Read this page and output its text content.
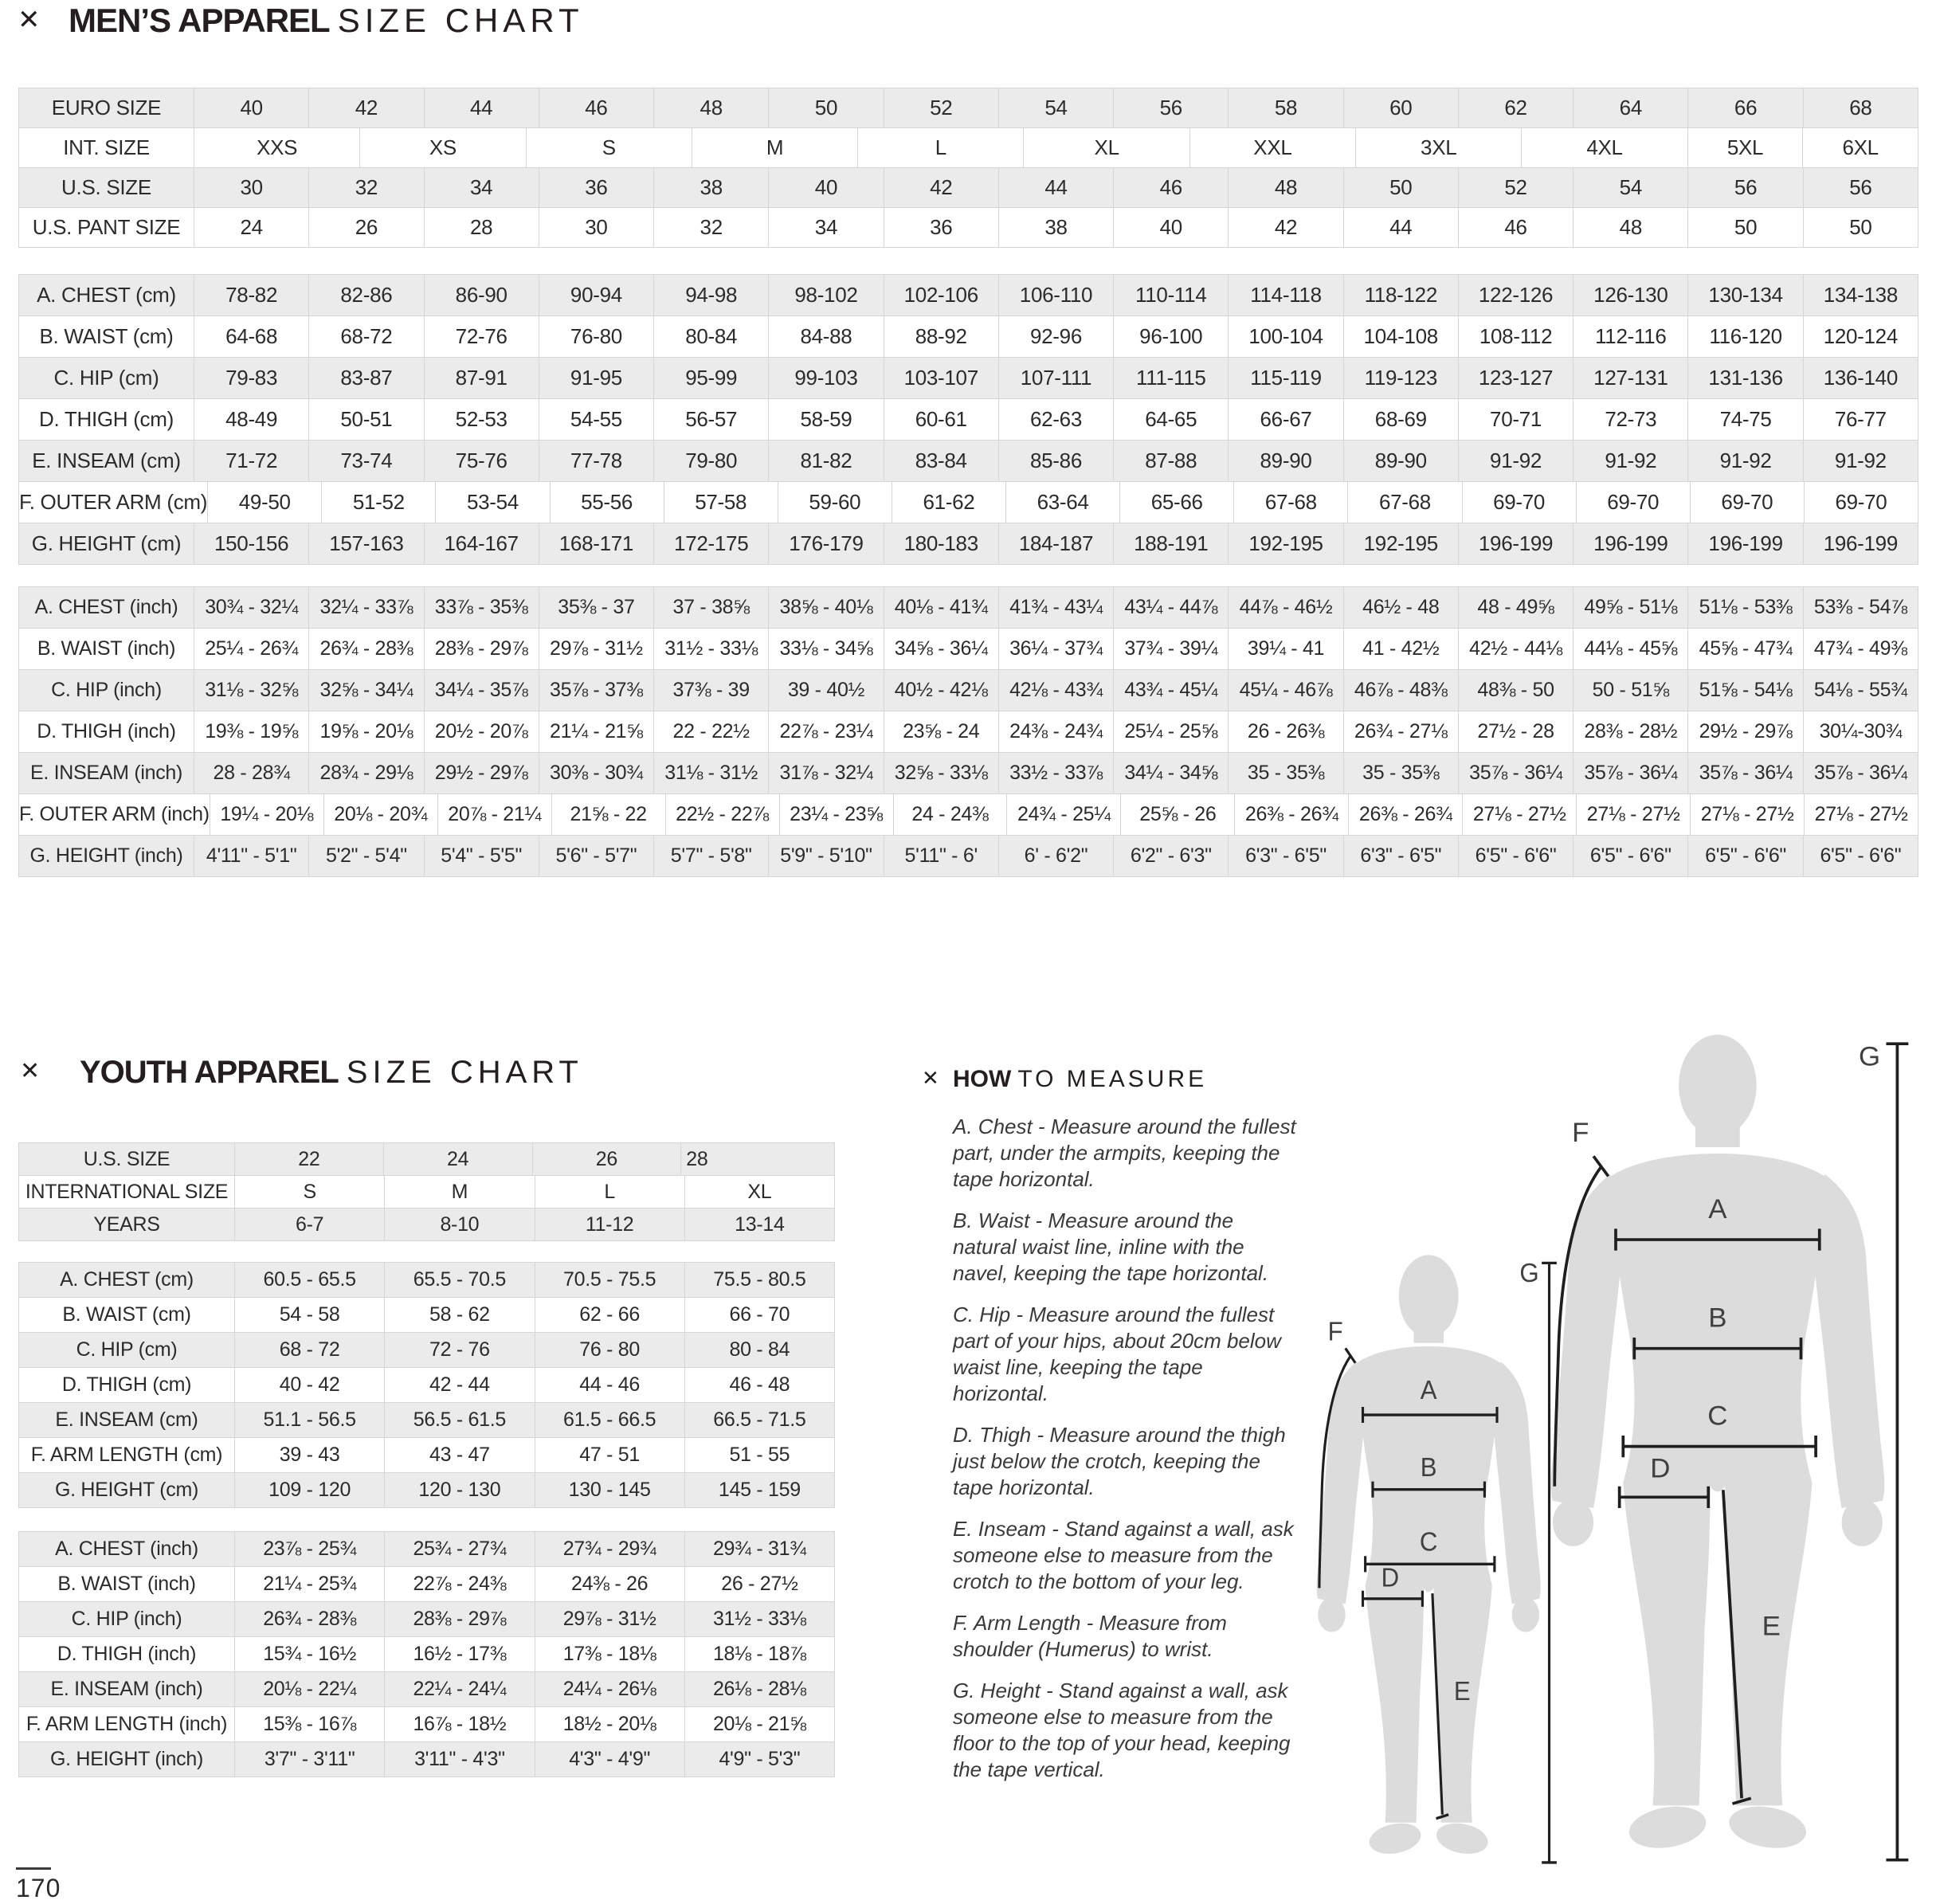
✕ MEN’S APPAREL SIZE CHART
EURO SIZE	40	42	44	46	48	50	52	54	56	58	60	62	64	66	68
INT. SIZE	XXS	XS	S	M	L	XL	XXL	3XL	4XL	5XL	6XL
U.S. SIZE	30	32	34	36	38	40	42	44	46	48	50	52	54	56	56
U.S. PANT SIZE	24	26	28	30	32	34	36	38	40	42	44	46	48	50	50
A. CHEST (cm)	78-82	82-86	86-90	90-94	94-98	98-102	102-106	106-110	110-114	114-118	118-122	122-126	126-130	130-134	134-138
B. WAIST (cm)	64-68	68-72	72-76	76-80	80-84	84-88	88-92	92-96	96-100	100-104	104-108	108-112	112-116	116-120	120-124
C. HIP (cm)	79-83	83-87	87-91	91-95	95-99	99-103	103-107	107-111	111-115	115-119	119-123	123-127	127-131	131-136	136-140
D. THIGH (cm)	48-49	50-51	52-53	54-55	56-57	58-59	60-61	62-63	64-65	66-67	68-69	70-71	72-73	74-75	76-77
E. INSEAM (cm)	71-72	73-74	75-76	77-78	79-80	81-82	83-84	85-86	87-88	89-90	89-90	91-92	91-92	91-92	91-92
F. OUTER ARM (cm)	49-50	51-52	53-54	55-56	57-58	59-60	61-62	63-64	65-66	67-68	67-68	69-70	69-70	69-70	69-70
G. HEIGHT (cm)	150-156	157-163	164-167	168-171	172-175	176-179	180-183	184-187	188-191	192-195	192-195	196-199	196-199	196-199	196-199
A. CHEST (inch)	30¾ - 32¼	32¼ - 33⅞	33⅞ - 35⅜	35⅜ - 37	37 - 38⅝	38⅝ - 40⅛	40⅛ - 41¾	41¾ - 43¼	43¼ - 44⅞	44⅞ - 46½	46½ - 48	48 - 49⅝	49⅝ - 51⅛	51⅛ - 53⅜	53⅜ - 54⅞
B. WAIST (inch)	25¼ - 26¾	26¾ - 28⅜	28⅜ - 29⅞	29⅞ - 31½	31½ - 33⅛	33⅛ - 34⅝	34⅝ - 36¼	36¼ - 37¾	37¾ - 39¼	39¼ - 41	41 - 42½	42½ - 44⅛	44⅛ - 45⅝	45⅝ - 47¾	47¾ - 49⅜
C. HIP (inch)	31⅛ - 32⅝	32⅝ - 34¼	34¼ - 35⅞	35⅞ - 37⅜	37⅜ - 39	39 - 40½	40½ - 42⅛	42⅛ - 43¾	43¾ - 45¼	45¼ - 46⅞	46⅞ - 48⅜	48⅜ - 50	50 - 51⅝	51⅝ - 54⅛	54⅛ - 55¾
D. THIGH (inch)	19⅜ - 19⅝	19⅝ - 20⅛	20½ - 20⅞	21¼ - 21⅝	22 - 22½	22⅞ - 23¼	23⅝ - 24	24⅜ - 24¾	25¼ - 25⅝	26 - 26⅜	26¾ - 27⅛	27½ - 28	28⅜ - 28½	29½ - 29⅞	30¼-30¾
E. INSEAM (inch)	28 - 28¾	28¾ - 29⅛	29½ - 29⅞	30⅜ - 30¾	31⅛ - 31½	31⅞ - 32¼	32⅝ - 33⅛	33½ - 33⅞	34¼ - 34⅝	35 - 35⅜	35 - 35⅜	35⅞ - 36¼	35⅞ - 36¼	35⅞ - 36¼	35⅞ - 36¼
F. OUTER ARM (inch) 19¼ - 20⅛	20⅛ - 20¾	20⅞ - 21¼	21⅝ - 22	22½ - 22⅞	23¼ - 23⅝	24 - 24⅜	24¾ - 25¼	25⅝ - 26	26⅜ - 26¾	26⅜ - 26¾	27⅛ - 27½	27⅛ - 27½	27⅛ - 27½	27⅛ - 27½
G. HEIGHT (inch)	4'11" - 5'1"	5'2" - 5'4"	5'4" - 5'5"	5'6" - 5'7"	5'7" - 5'8"	5'9" - 5'10"	5'11" - 6'	6' - 6'2"	6'2" - 6'3"	6'3" - 6'5"	6'3" - 6'5"	6'5" - 6'6"	6'5" - 6'6"	6'5" - 6'6"	6'5" - 6'6"
✕ YOUTH APPAREL SIZE CHART
U.S. SIZE	22	24	26	28
INTERNATIONAL SIZE	S	M	L	XL
YEARS	6-7	8-10	11-12	13-14
A. CHEST (cm)	60.5 - 65.5	65.5 - 70.5	70.5 - 75.5	75.5 - 80.5
B. WAIST (cm)	54 - 58	58 - 62	62 - 66	66 - 70
C. HIP (cm)	68 - 72	72 - 76	76 - 80	80 - 84
D. THIGH (cm)	40 - 42	42 - 44	44 - 46	46 - 48
E. INSEAM (cm)	51.1 - 56.5	56.5 - 61.5	61.5 - 66.5	66.5 - 71.5
F. ARM LENGTH (cm)	39 - 43	43 - 47	47 - 51	51 - 55
G. HEIGHT (cm)	109 - 120	120 - 130	130 - 145	145 - 159
A. CHEST (inch)	23⅞ - 25¾	25¾ - 27¾	27¾ - 29¾	29¾ - 31¾
B. WAIST (inch)	21¼ - 25¾	22⅞ - 24⅜	24⅜ - 26	26 - 27½
C. HIP (inch)	26¾ - 28⅜	28⅜ - 29⅞	29⅞ - 31½	31½ - 33⅛
D. THIGH (inch)	15¾ - 16½	16½ - 17⅜	17⅜ - 18⅛	18⅛ - 18⅞
E. INSEAM (inch)	20⅛ - 22¼	22¼ - 24¼	24¼ - 26⅛	26⅛ - 28⅛
F. ARM LENGTH (inch)	15⅜ - 16⅞	16⅞ - 18½	18½ - 20⅛	20⅛ - 21⅝
G. HEIGHT (inch)	3'7" - 3'11"	3'11" - 4'3"	4'3" - 4'9"	4'9" - 5'3"
✕ HOW TO MEASURE

A. Chest - Measure around the fullest part, under the armpits, keeping the tape horizontal.

B. Waist - Measure around the natural waist line, inline with the navel, keeping the tape horizontal.

C. Hip - Measure around the fullest part of your hips, about 20cm below waist line, keeping the tape horizontal.

D. Thigh - Measure around the thigh just below the crotch, keeping the tape horizontal.

E. Inseam - Stand against a wall, ask someone else to measure from the crotch to the bottom of your leg.

F. Arm Length - Measure from shoulder (Humerus) to wrist.

G. Height - Stand against a wall, ask someone else to measure from the floor to the top of your head, keeping the tape vertical.

A
B
C
D
E
F
G
A
B
C
D
E
F
G
170
